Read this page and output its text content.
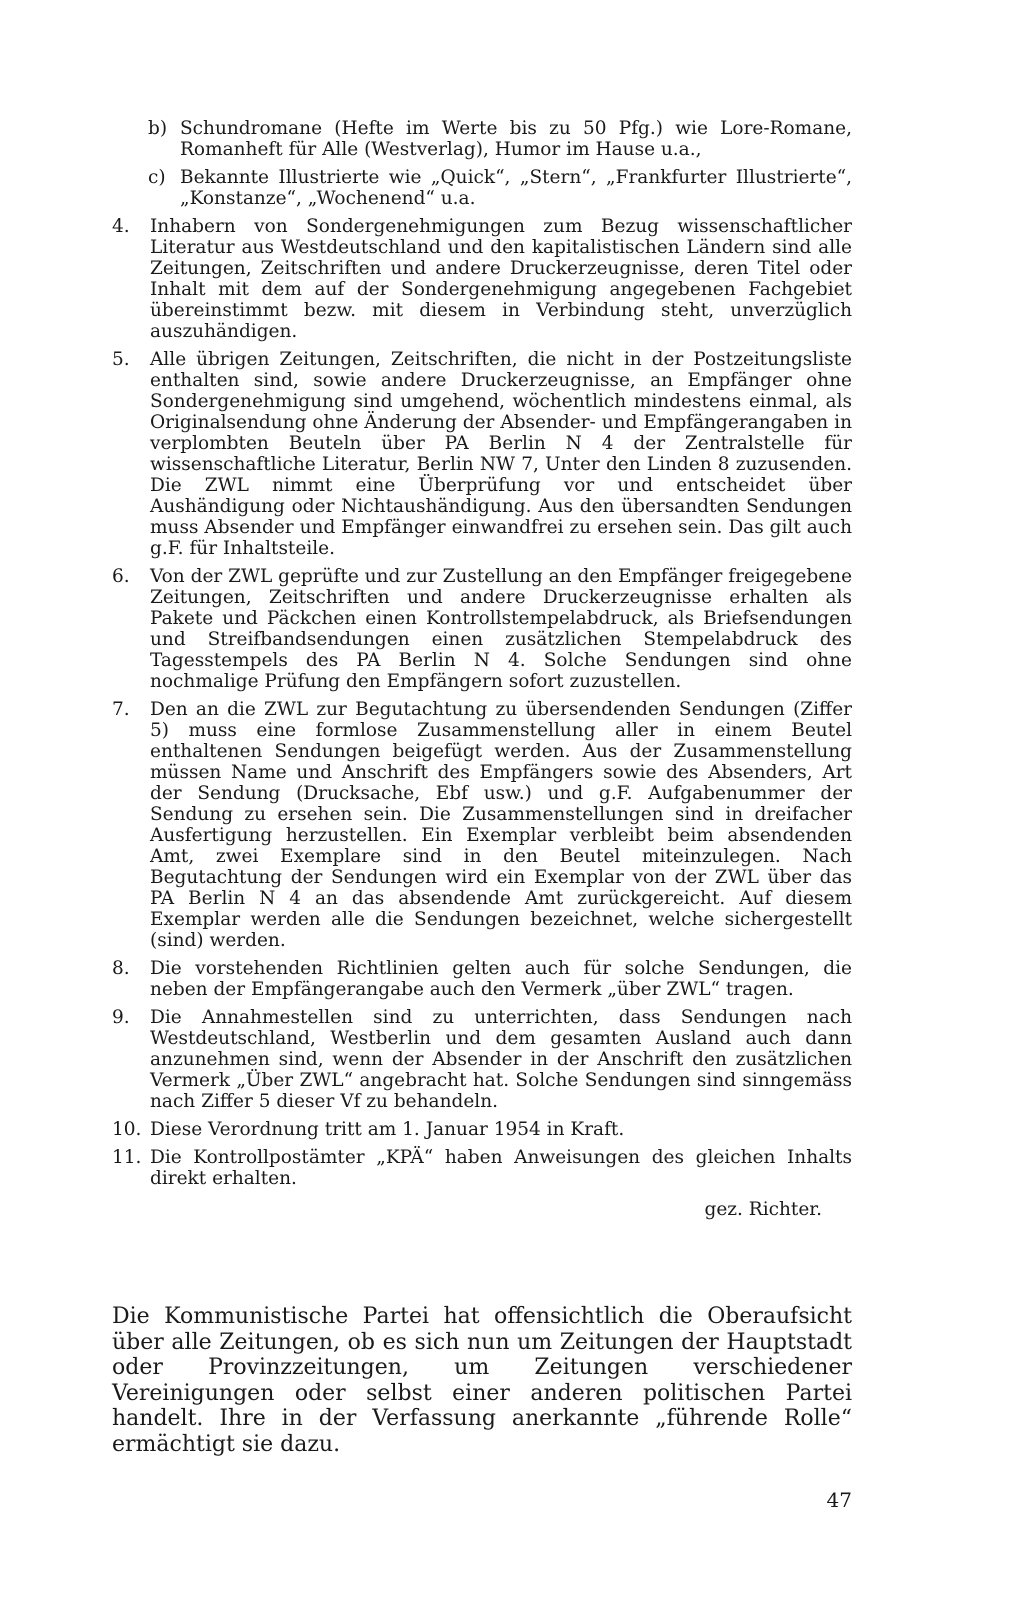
b) Schundromane (Hefte im Werte bis zu 50 Pfg.) wie Lore-Romane, Romanheft für Alle (Westverlag), Humor im Hause u.a.,
c) Bekannte Illustrierte wie „Quick“, „Stern“, „Frankfurter Illustrierte“, „Konstanze“, „Wochenend“ u.a.
4.	Inhabern von Sondergenehmigungen zum Bezug wissenschaftlicher Literatur aus Westdeutschland und den kapitalistischen Ländern sind alle Zeitungen, Zeitschriften und andere Druckerzeugnisse, deren Titel oder Inhalt mit dem auf der Sondergenehmigung angegebenen Fachgebiet übereinstimmt bezw. mit diesem in Verbindung steht, unverzüglich auszuhändigen.
5.	Alle übrigen Zeitungen, Zeitschriften, die nicht in der Postzeitungsliste enthalten sind, sowie andere Druckerzeugnisse, an Empfänger ohne Sondergenehmigung sind umgehend, wöchentlich mindestens einmal, als Originalsendung ohne Änderung der Absender- und Empfängerangaben in verplombten Beuteln über PA Berlin N 4 der Zentralstelle für wissenschaftliche Literatur, Berlin NW 7, Unter den Linden 8 zuzusenden. Die ZWL nimmt eine Überprüfung vor und entscheidet über Aushändigung oder Nichtaushändigung. Aus den übersandten Sendungen muss Absender und Empfänger einwandfrei zu ersehen sein. Das gilt auch g.F. für Inhaltsteile.
6.	Von der ZWL geprüfte und zur Zustellung an den Empfänger freigegebene Zeitungen, Zeitschriften und andere Druckerzeugnisse erhalten als Pakete und Päckchen einen Kontrollstempelabdruck, als Briefsendungen und Streifbandsendungen einen zusätzlichen Stempelabdruck des Tagesstempels des PA Berlin N 4. Solche Sendungen sind ohne nochmalige Prüfung den Empfängern sofort zuzustellen.
7.	Den an die ZWL zur Begutachtung zu übersendenden Sendungen (Ziffer 5) muss eine formlose Zusammenstellung aller in einem Beutel enthaltenen Sendungen beigefügt werden. Aus der Zusammenstellung müssen Name und Anschrift des Empfängers sowie des Absenders, Art der Sendung (Drucksache, Ebf usw.) und g.F. Aufgabenummer der Sendung zu ersehen sein. Die Zusammenstellungen sind in dreifacher Ausfertigung herzustellen. Ein Exemplar verbleibt beim absendenden Amt, zwei Exemplare sind in den Beutel miteinzulegen. Nach Begutachtung der Sendungen wird ein Exemplar von der ZWL über das PA Berlin N 4 an das absendende Amt zurückgereicht. Auf diesem Exemplar werden alle die Sendungen bezeichnet, welche sichergestellt (sind) werden.
8.	Die vorstehenden Richtlinien gelten auch für solche Sendungen, die neben der Empfängerangabe auch den Vermerk „über ZWL“ tragen.
9.	Die Annahmestellen sind zu unterrichten, dass Sendungen nach Westdeutschland, Westberlin und dem gesamten Ausland auch dann anzunehmen sind, wenn der Absender in der Anschrift den zusätzlichen Vermerk „Über ZWL“ angebracht hat. Solche Sendungen sind sinngemäss nach Ziffer 5 dieser Vf zu behandeln.
10. Diese Verordnung tritt am 1. Januar 1954 in Kraft.
11. Die Kontrollpostämter „KPÄ“ haben Anweisungen des gleichen Inhalts direkt erhalten.
gez. Richter.
Die Kommunistische Partei hat offensichtlich die Oberaufsicht über alle Zeitungen, ob es sich nun um Zeitungen der Hauptstadt oder Provinzzeitungen, um Zeitungen verschiedener Vereinigungen oder selbst einer anderen politischen Partei handelt. Ihre in der Verfassung anerkannte „führende Rolle“ ermächtigt sie dazu.
47
